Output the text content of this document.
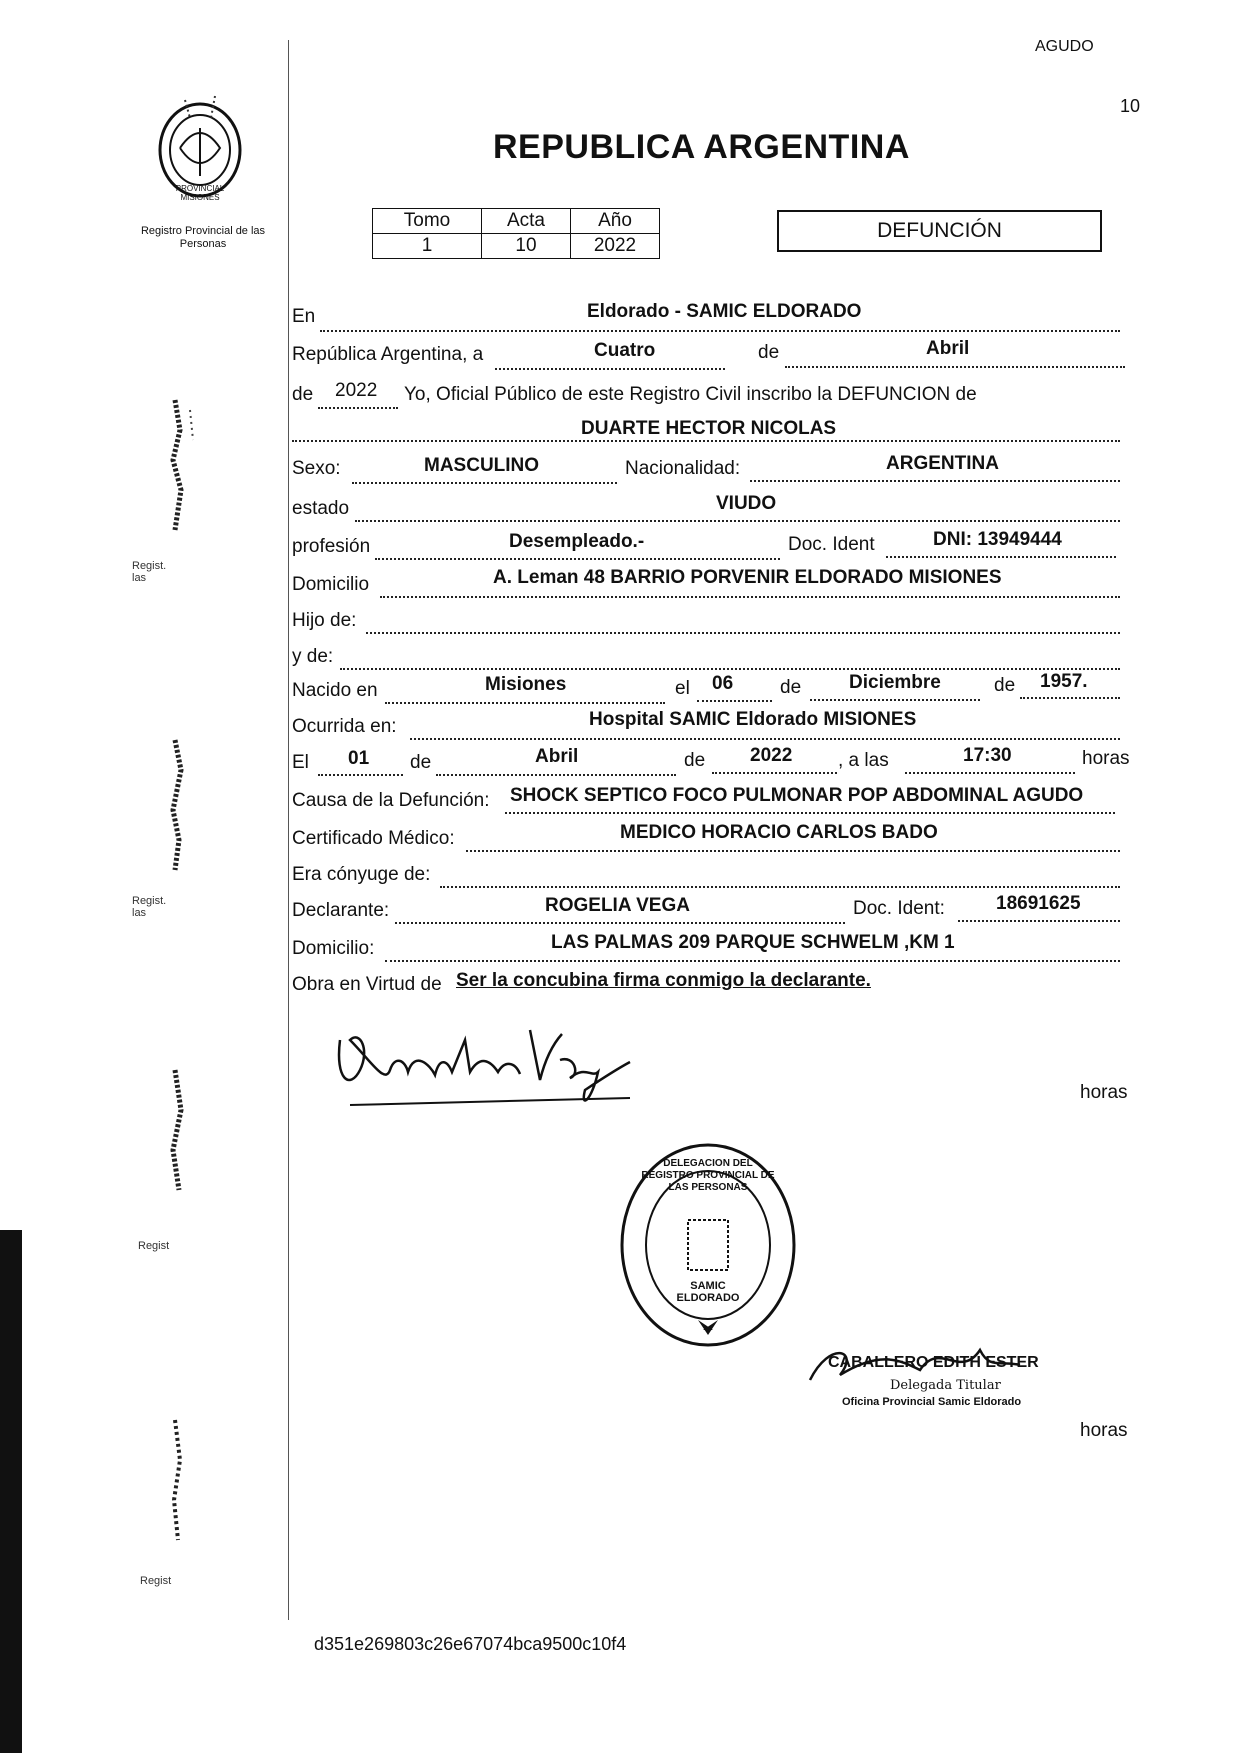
PROVINCIAL MISIONES
Registro Provincial de las Personas
Regist. las
Regist. las
Regist
Regist
AGUDO
10
REPUBLICA ARGENTINA
Tomo	Acta	Año
1	10	2022
DEFUNCIÓN
En	Eldorado - SAMIC ELDORADO
República Argentina, a	Cuatro	de	Abril
de 2022 Yo, Oficial Público de este Registro Civil inscribo la DEFUNCION de
DUARTE HECTOR NICOLAS
Sexo:	MASCULINO	Nacionalidad:	ARGENTINA
estado	VIUDO
profesión	Desempleado.-	Doc. Ident	DNI: 13949444
Domicilio	A. Leman 48 BARRIO PORVENIR ELDORADO MISIONES
Hijo de:
y de:
Nacido en	Misiones	el 06 de	Diciembre	de 1957.
Ocurrida en:	Hospital SAMIC Eldorado MISIONES
El 01 de	Abril	de 2022 , a las	17:30	horas
Causa de la Defunción: SHOCK SEPTICO FOCO PULMONAR POP ABDOMINAL AGUDO
Certificado Médico:	MEDICO HORACIO CARLOS BADO
Era cónyuge de:
Declarante:	ROGELIA VEGA	Doc. Ident:	18691625
Domicilio:	LAS PALMAS 209 PARQUE SCHWELM ,KM 1
Obra en Virtud de Ser la concubina firma conmigo la declarante.
horas
horas
DELEGACION DEL REGISTRO PROVINCIAL DE LAS PERSONAS
SAMIC ELDORADO
CABALLERO EDITH ESTER
Delegada Titular
Oficina Provincial Samic Eldorado
d351e269803c26e67074bca9500c10f4
